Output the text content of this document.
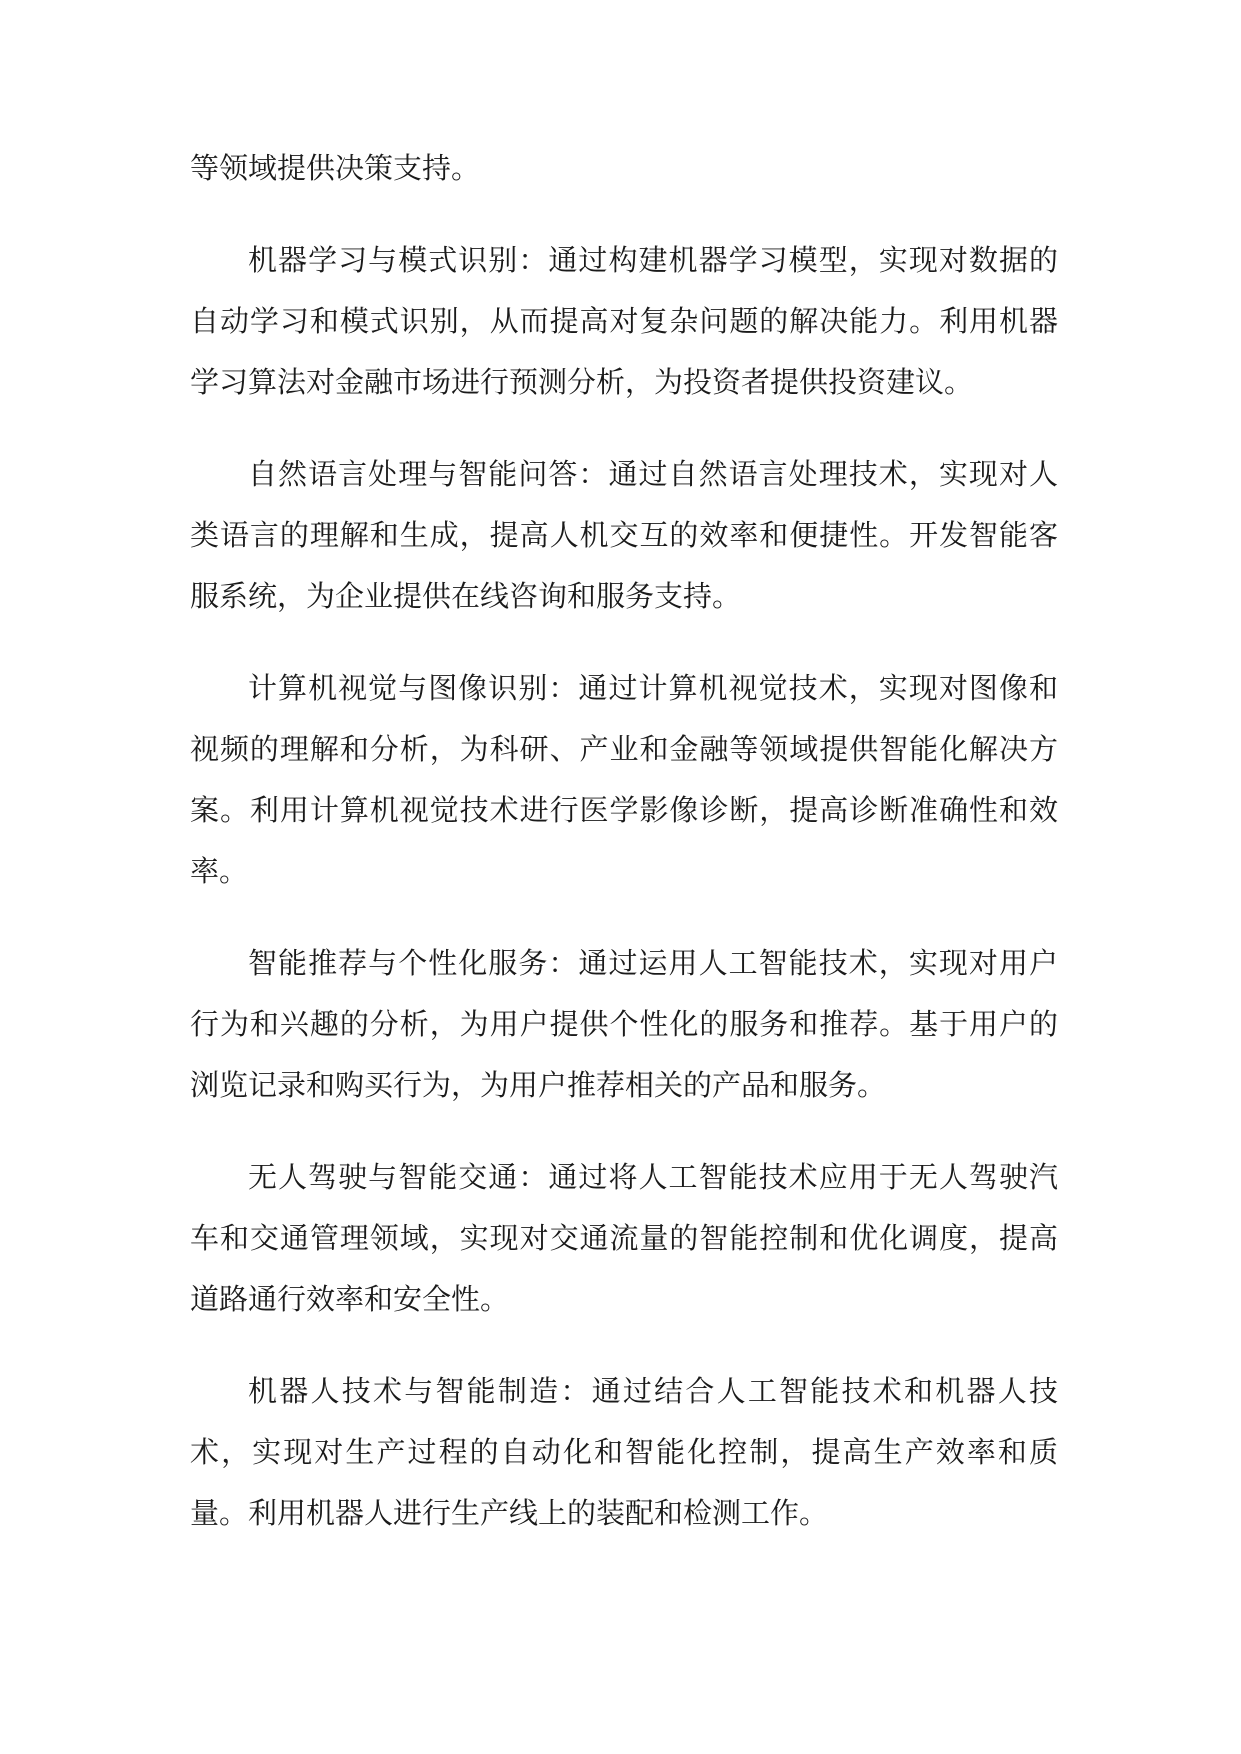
等领域提供决策支持。

机器学习与模式识别：通过构建机器学习模型，实现对数据的自动学习和模式识别，从而提高对复杂问题的解决能力。利用机器学习算法对金融市场进行预测分析，为投资者提供投资建议。

自然语言处理与智能问答：通过自然语言处理技术，实现对人类语言的理解和生成，提高人机交互的效率和便捷性。开发智能客服系统，为企业提供在线咨询和服务支持。

计算机视觉与图像识别：通过计算机视觉技术，实现对图像和视频的理解和分析，为科研、产业和金融等领域提供智能化解决方案。利用计算机视觉技术进行医学影像诊断，提高诊断准确性和效率。

智能推荐与个性化服务：通过运用人工智能技术，实现对用户行为和兴趣的分析，为用户提供个性化的服务和推荐。基于用户的浏览记录和购买行为，为用户推荐相关的产品和服务。

无人驾驶与智能交通：通过将人工智能技术应用于无人驾驶汽车和交通管理领域，实现对交通流量的智能控制和优化调度，提高道路通行效率和安全性。

机器人技术与智能制造：通过结合人工智能技术和机器人技术，实现对生产过程的自动化和智能化控制，提高生产效率和质量。利用机器人进行生产线上的装配和检测工作。
